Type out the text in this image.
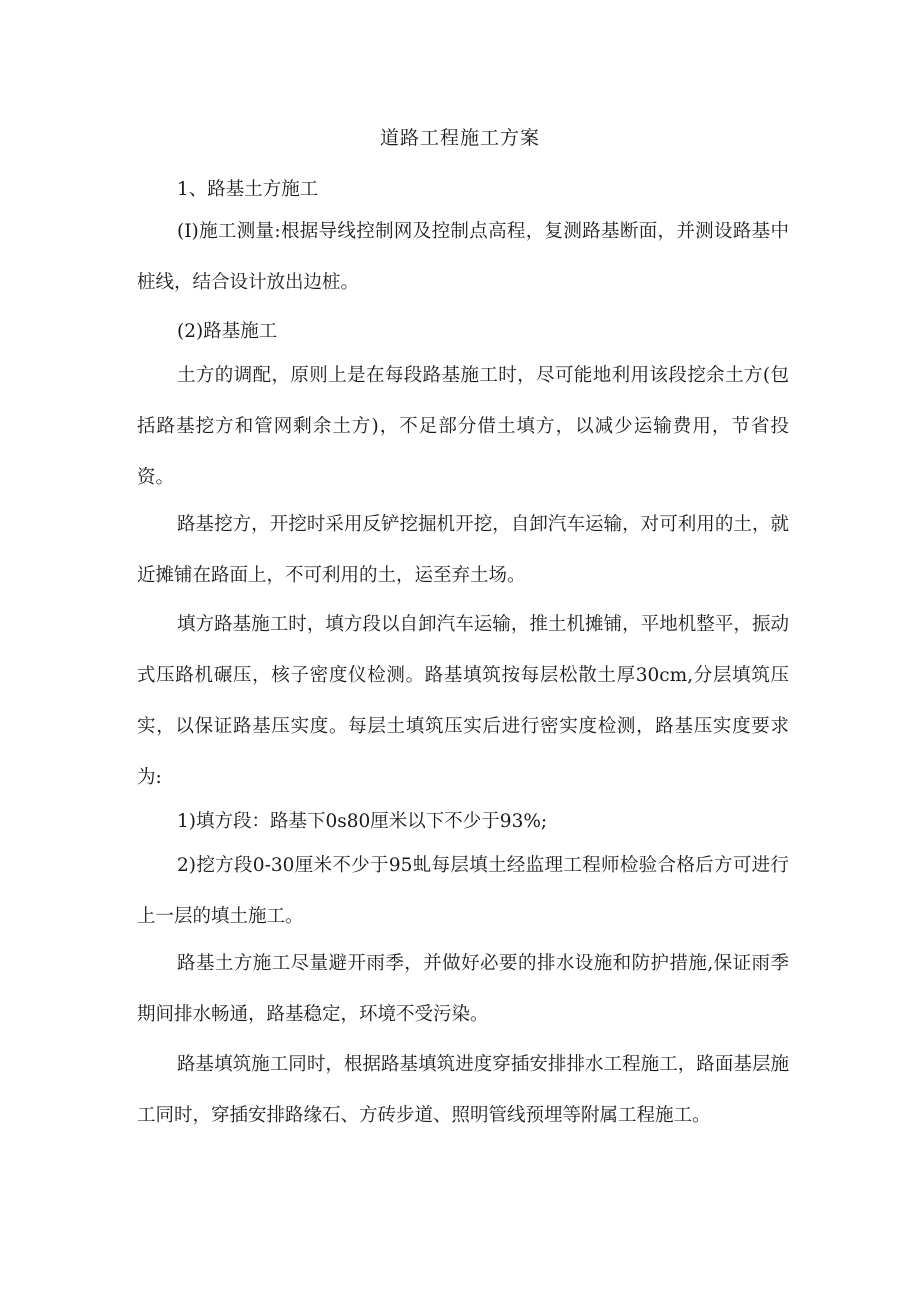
道路工程施工方案

1、路基土方施工

(I)施工测量:根据导线控制网及控制点高程，复测路基断面，并测设路基中桩线，结合设计放出边桩。

(2)路基施工

土方的调配，原则上是在每段路基施工时，尽可能地利用该段挖余土方(包括路基挖方和管网剩余土方)，不足部分借土填方，以减少运输费用，节省投资。

路基挖方，开挖时采用反铲挖掘机开挖，自卸汽车运输，对可利用的土，就近摊铺在路面上，不可利用的土，运至弃土场。

填方路基施工时，填方段以自卸汽车运输，推土机摊铺，平地机整平，振动式压路机碾压，核子密度仪检测。路基填筑按每层松散土厚30cm,分层填筑压实，以保证路基压实度。每层土填筑压实后进行密实度检测，路基压实度要求为:

1)填方段：路基下0s80厘米以下不少于93%;

2)挖方段0-30厘米不少于95虬每层填土经监理工程师检验合格后方可进行上一层的填土施工。

路基土方施工尽量避开雨季，并做好必要的排水设施和防护措施,保证雨季期间排水畅通，路基稳定，环境不受污染。

路基填筑施工同时，根据路基填筑进度穿插安排排水工程施工，路面基层施工同时，穿插安排路缘石、方砖步道、照明管线预埋等附属工程施工。
